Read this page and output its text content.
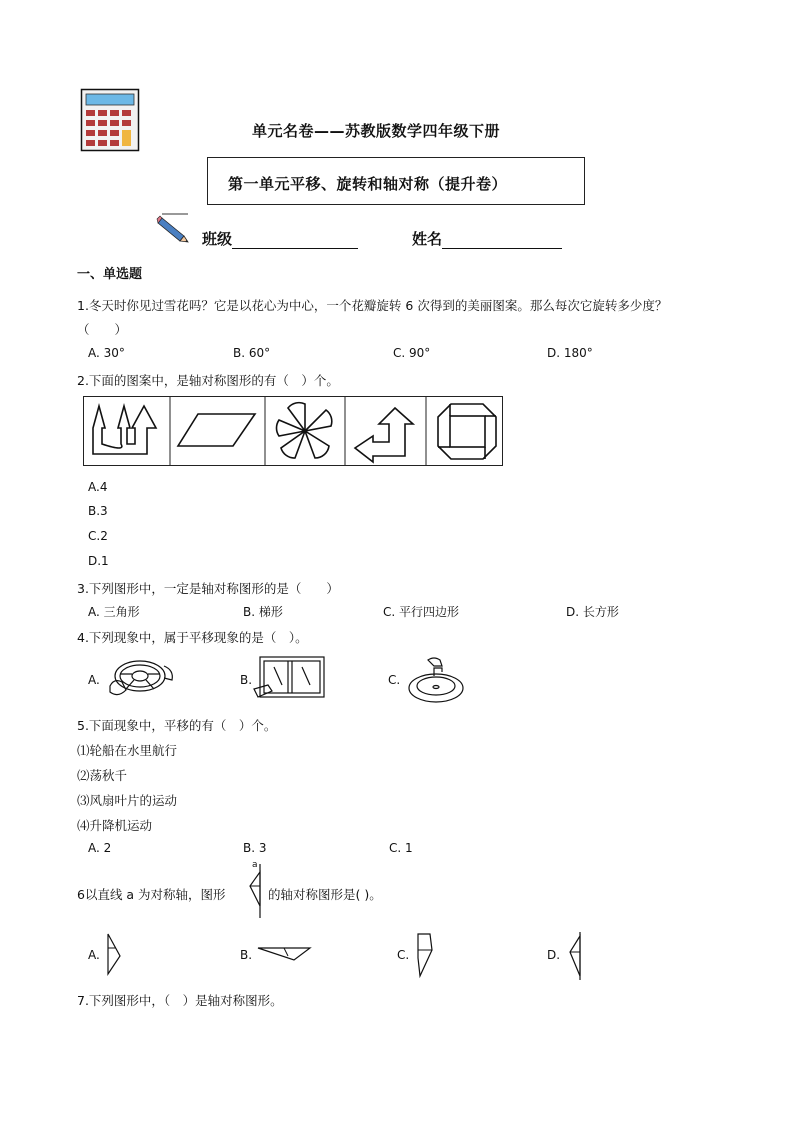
单元名卷——苏教版数学四年级下册
第一单元平移、旋转和轴对称（提升卷）
班级	姓名
一、单选题
1.冬天时你见过雪花吗？它是以花心为中心，一个花瓣旋转 6 次得到的美丽图案。那么每次它旋转多少度？
（　　）
A. 30°	B. 60°	C. 90°	D. 180°
2.下面的图案中，是轴对称图形的有（　）个。
A.4
B.3
C.2
D.1
3.下列图形中，一定是轴对称图形的是（　　）
A. 三角形	B. 梯形	C. 平行四边形	D. 长方形
4.下列现象中，属于平移现象的是（　）。
A.	B.	C.
5.下面现象中，平移的有（　）个。
⑴轮船在水里航行
⑵荡秋千
⑶风扇叶片的运动
⑷升降机运动
A. 2	B. 3	C. 1
6以直线 a 为对称轴，图形
a
的轴对称图形是( )。
A.	B.	C.	D.
7.下列图形中，（　）是轴对称图形。
